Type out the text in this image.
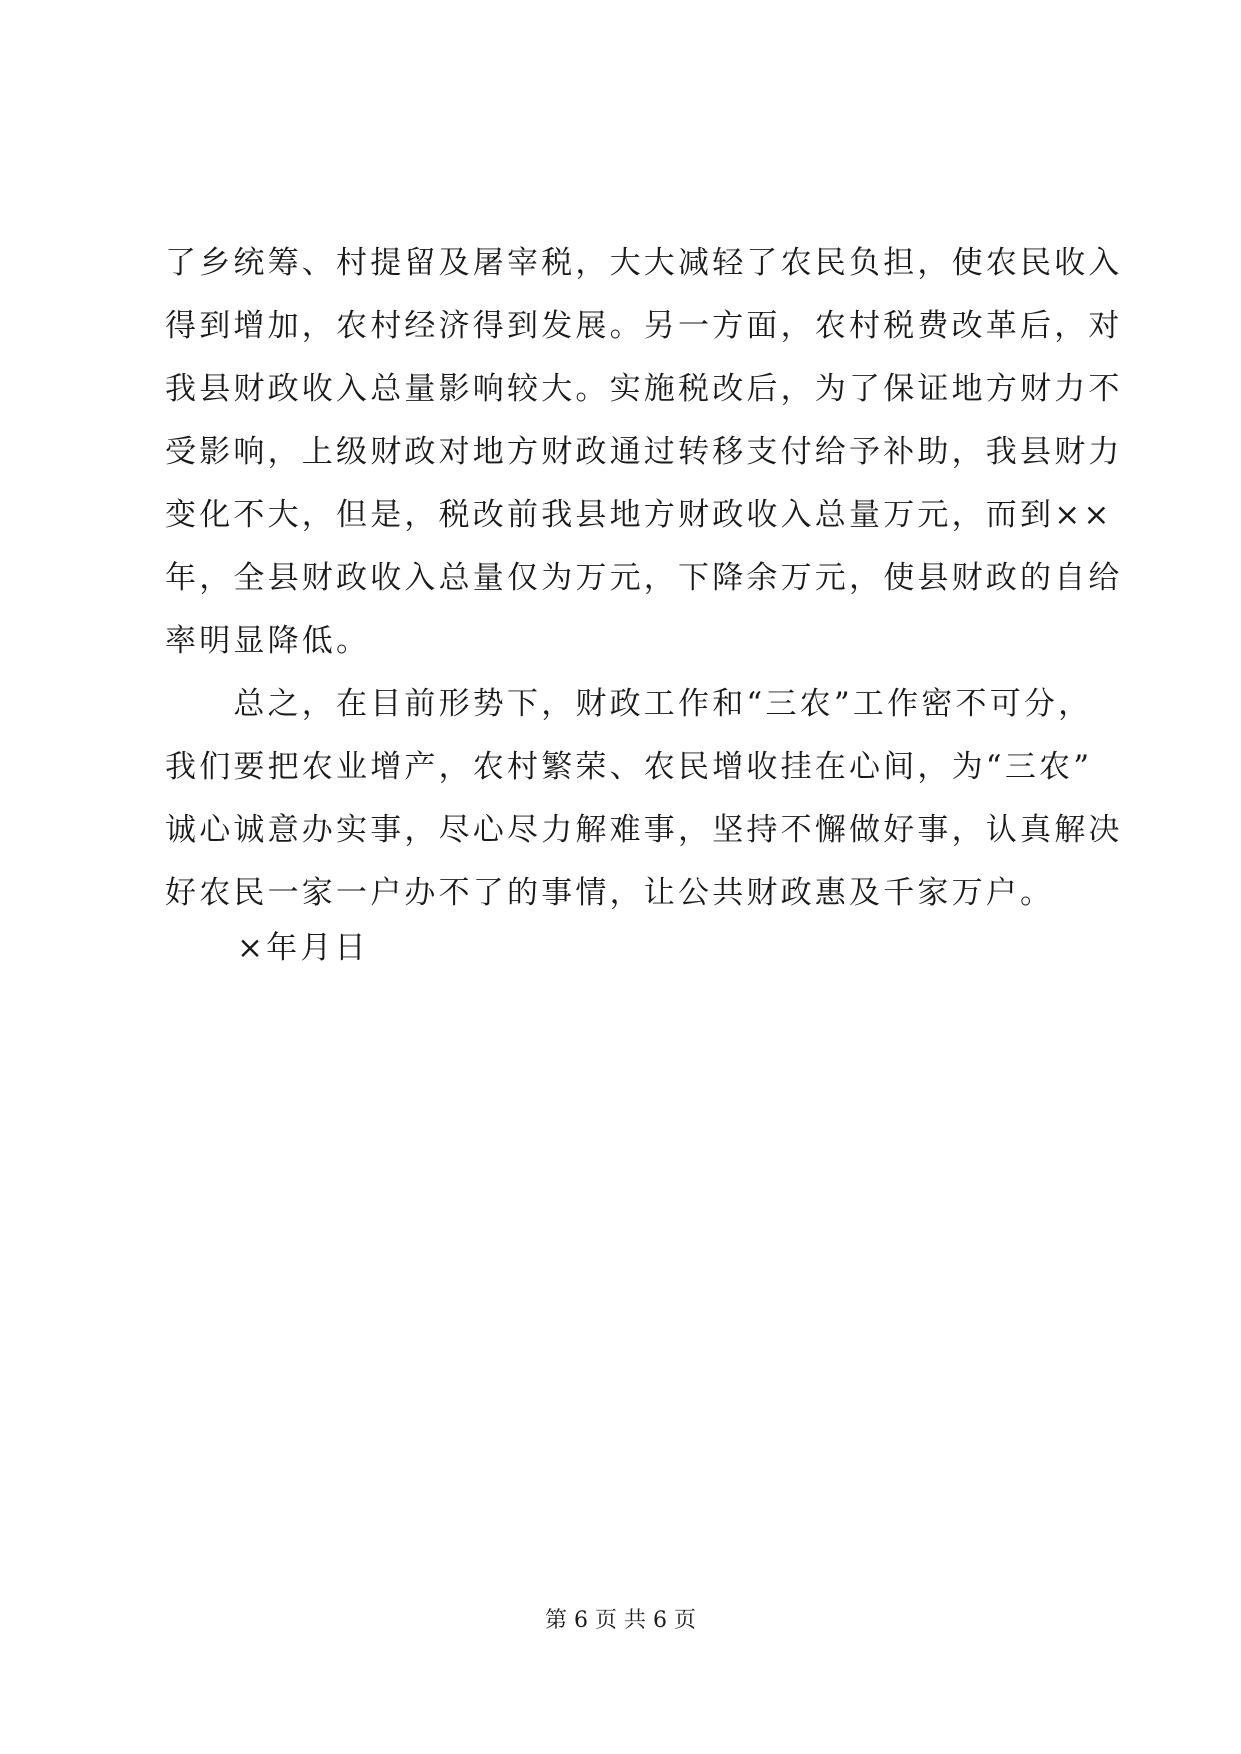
了乡统筹、村提留及屠宰税，大大减轻了农民负担，使农民收入
得到增加，农村经济得到发展。另一方面，农村税费改革后，对
我县财政收入总量影响较大。实施税改后，为了保证地方财力不
受影响，上级财政对地方财政通过转移支付给予补助，我县财力
变化不大，但是，税改前我县地方财政收入总量万元，而到××
年，全县财政收入总量仅为万元，下降余万元，使县财政的自给
率明显降低。
　　总之，在目前形势下，财政工作和“三农”工作密不可分，
我们要把农业增产，农村繁荣、农民增收挂在心间，为“三农”
诚心诚意办实事，尽心尽力解难事，坚持不懈做好事，认真解决
好农民一家一户办不了的事情，让公共财政惠及千家万户。
×年月日
第 6 页 共 6 页
